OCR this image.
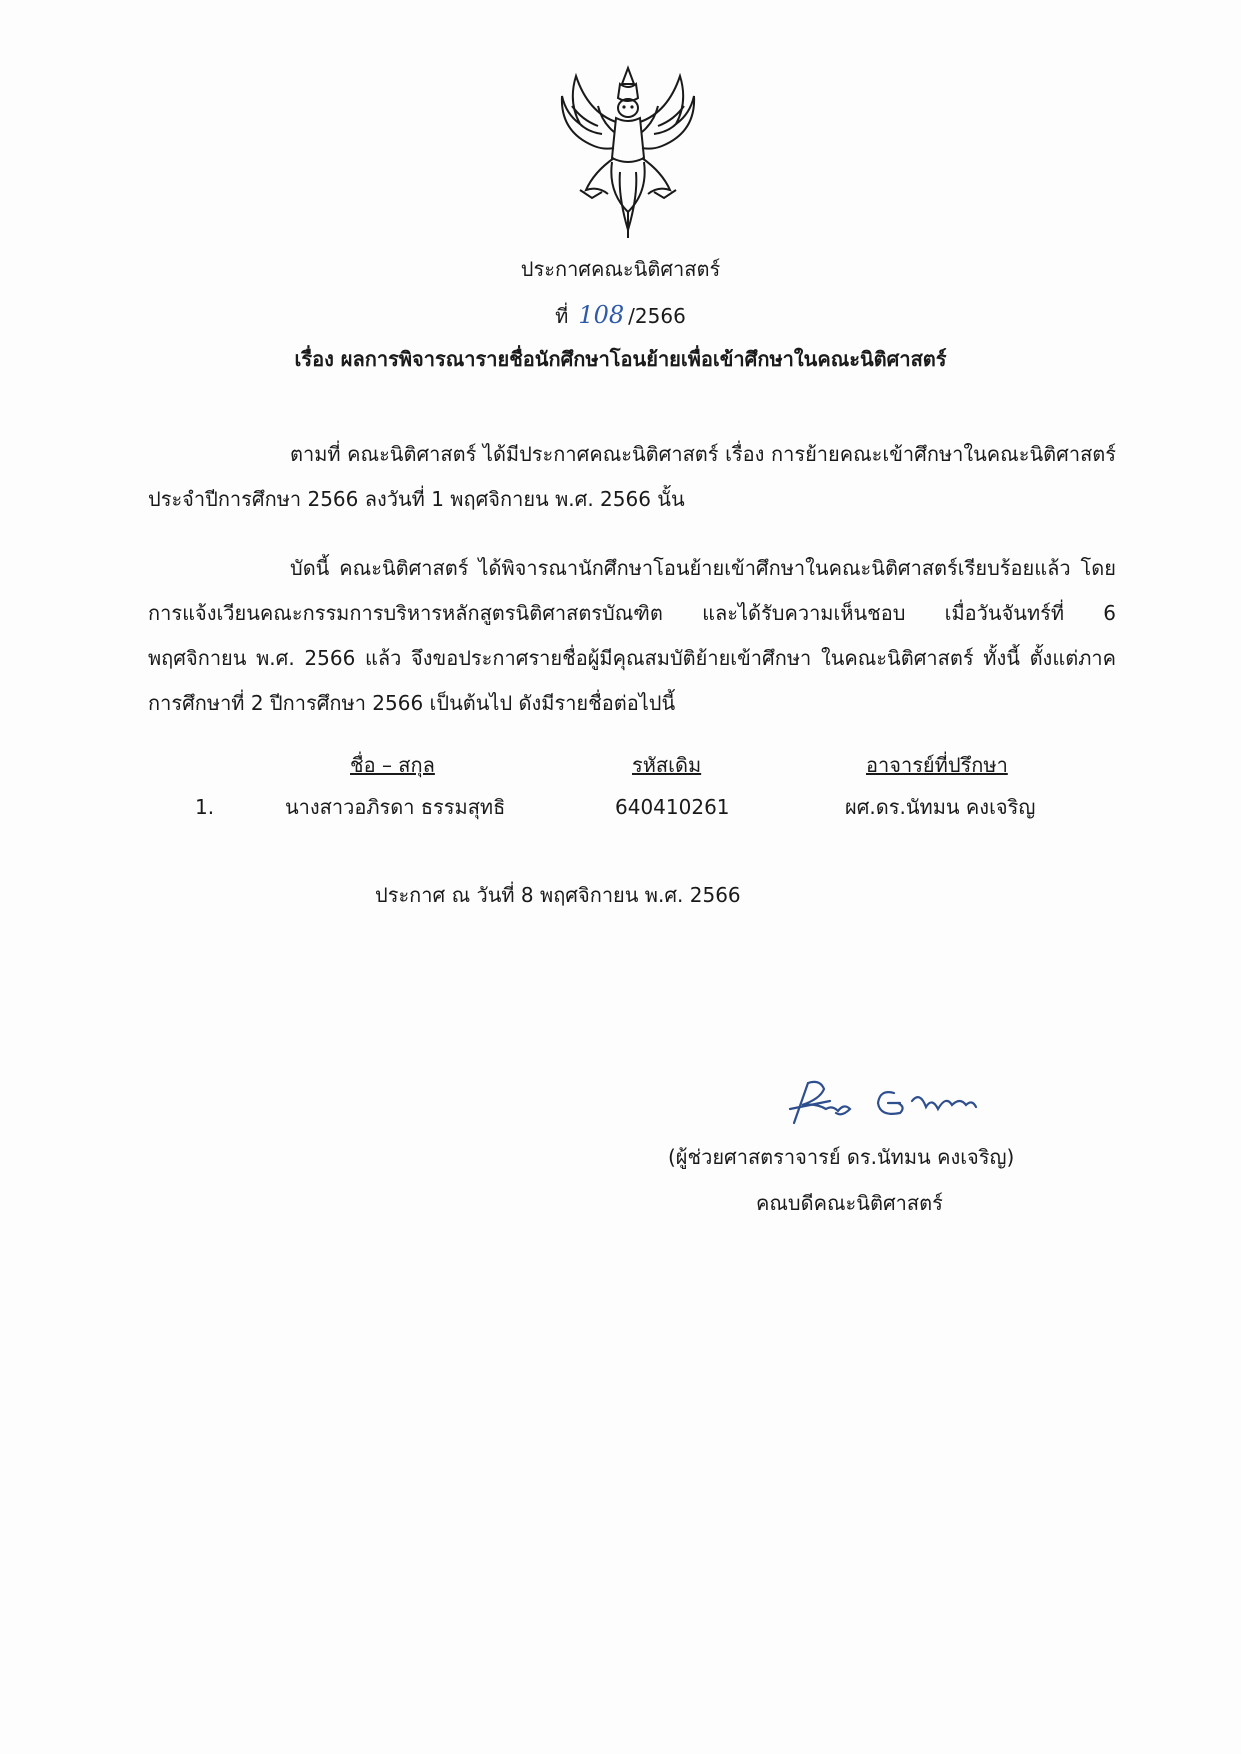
ประกาศคณะนิติศาสตร์
ที่ 108 /2566
เรื่อง ผลการพิจารณารายชื่อนักศึกษาโอนย้ายเพื่อเข้าศึกษาในคณะนิติศาสตร์
ตามที่ คณะนิติศาสตร์ ได้มีประกาศคณะนิติศาสตร์ เรื่อง การย้ายคณะเข้าศึกษาในคณะนิติศาสตร์ ประจำปีการศึกษา 2566 ลงวันที่ 1 พฤศจิกายน พ.ศ. 2566 นั้น
บัดนี้ คณะนิติศาสตร์ ได้พิจารณานักศึกษาโอนย้ายเข้าศึกษาในคณะนิติศาสตร์เรียบร้อยแล้ว โดยการแจ้งเวียนคณะกรรมการบริหารหลักสูตรนิติศาสตรบัณฑิต และได้รับความเห็นชอบ เมื่อวันจันทร์ที่ 6 พฤศจิกายน พ.ศ. 2566 แล้ว จึงขอประกาศรายชื่อผู้มีคุณสมบัติย้ายเข้าศึกษา ในคณะนิติศาสตร์ ทั้งนี้ ตั้งแต่ภาคการศึกษาที่ 2 ปีการศึกษา 2566 เป็นต้นไป ดังมีรายชื่อต่อไปนี้
ชื่อ – สกุล	รหัสเดิม	อาจารย์ที่ปรึกษา
1.	นางสาวอภิรดา ธรรมสุทธิ	640410261	ผศ.ดร.นัทมน คงเจริญ
ประกาศ ณ วันที่ 8 พฤศจิกายน พ.ศ. 2566
(ผู้ช่วยศาสตราจารย์ ดร.นัทมน คงเจริญ)
คณบดีคณะนิติศาสตร์
